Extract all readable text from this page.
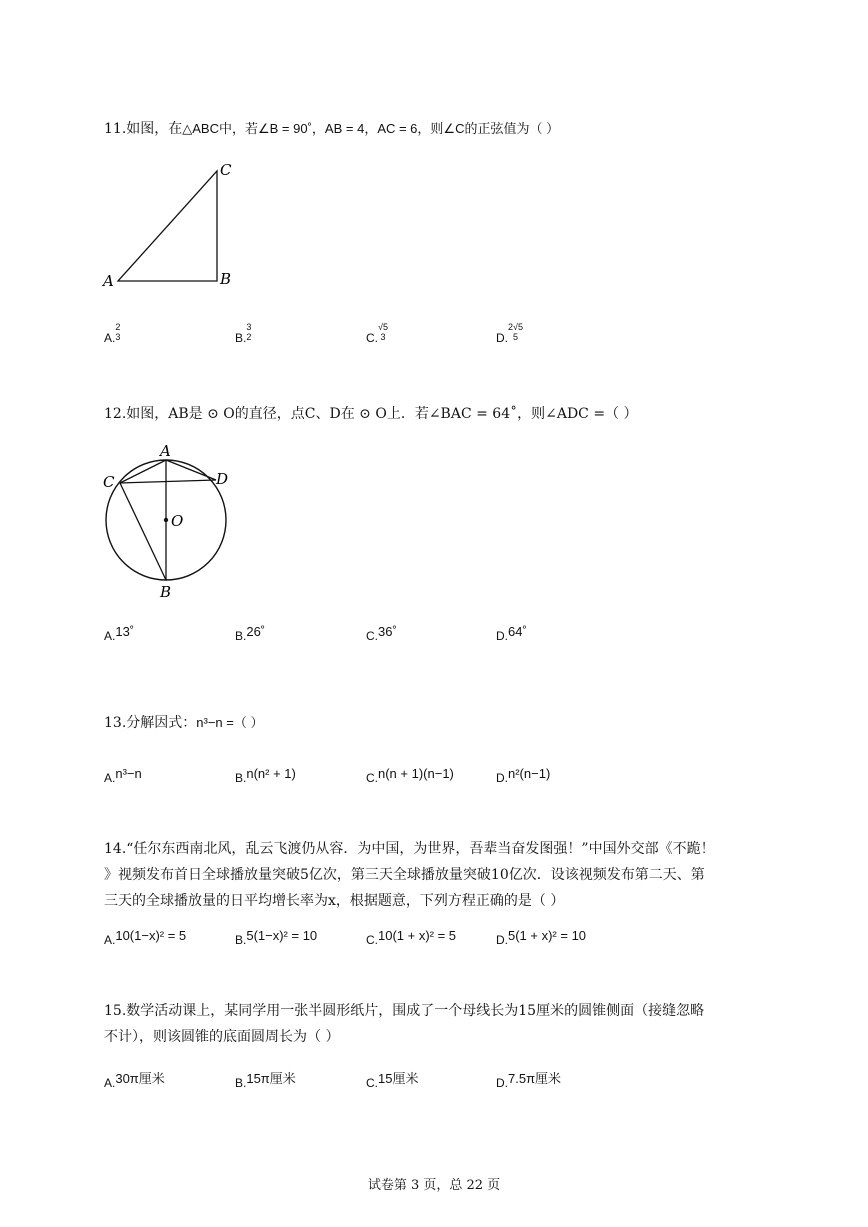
11.如图，在△ABC中，若∠B = 90˚，AB = 4，AC = 6，则∠C的正弦值为（ ）
A	B
C
A.
2
3	B.
3
2	C.
√5
3	D.
2√5
5
12.如图，AB是 ⊙ O的直径，点C、D在 ⊙ O上．若∠BAC = 64˚，则∠ADC =（ ）
A
B
C	D
O
A.13˚	B.26˚	C.36˚	D.64˚
13.分解因式：n³−n =（ ）
A.n³−n	B.n(n² + 1)	C.n(n + 1)(n−1)	D.n²(n−1)
14.“任尔东西南北风，乱云飞渡仍从容．为中国，为世界，吾辈当奋发图强！”中国外交部《不跪！
》视频发布首日全球播放量突破5亿次，第三天全球播放量突破10亿次．设该视频发布第二天、第
三天的全球播放量的日平均增长率为x，根据题意，下列方程正确的是（ ）
A.10(1−x)² = 5	B.5(1−x)² = 10	C.10(1 + x)² = 5	D.5(1 + x)² = 10
15.数学活动课上，某同学用一张半圆形纸片，围成了一个母线长为15厘米的圆锥侧面（接缝忽略
不计），则该圆锥的底面圆周长为（ ）
A.30π厘米	B.15π厘米	C.15厘米	D.7.5π厘米
试卷第 3 页，总 22 页
